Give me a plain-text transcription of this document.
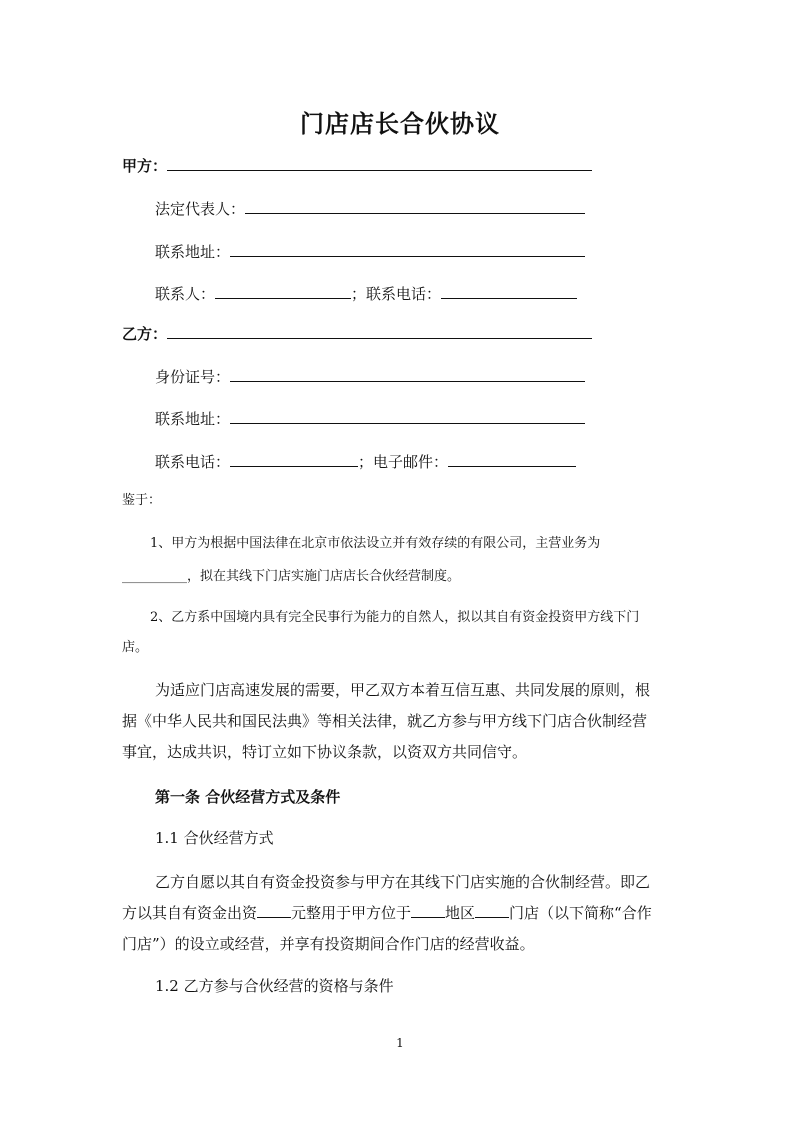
门店店长合伙协议
甲方：
法定代表人：
联系地址：
联系人：	；联系电话：
乙方：
身份证号：
联系地址：
联系电话：	；电子邮件：
鉴于：
1、甲方为根据中国法律在北京市依法设立并有效存续的有限公司，主营业务为
__________，拟在其线下门店实施门店店长合伙经营制度。
2、乙方系中国境内具有完全民事行为能力的自然人，拟以其自有资金投资甲方线下门
店。
为适应门店高速发展的需要，甲乙双方本着互信互惠、共同发展的原则，根
据《中华人民共和国民法典》等相关法律，就乙方参与甲方线下门店合伙制经营
事宜，达成共识，特订立如下协议条款，以资双方共同信守。
第一条 合伙经营方式及条件
1.1 合伙经营方式
乙方自愿以其自有资金投资参与甲方在其线下门店实施的合伙制经营。即乙
方以其自有资金出资 元整用于甲方位于 地区 门店（以下简称“合作
门店”）的设立或经营，并享有投资期间合作门店的经营收益。
1.2 乙方参与合伙经营的资格与条件
1
